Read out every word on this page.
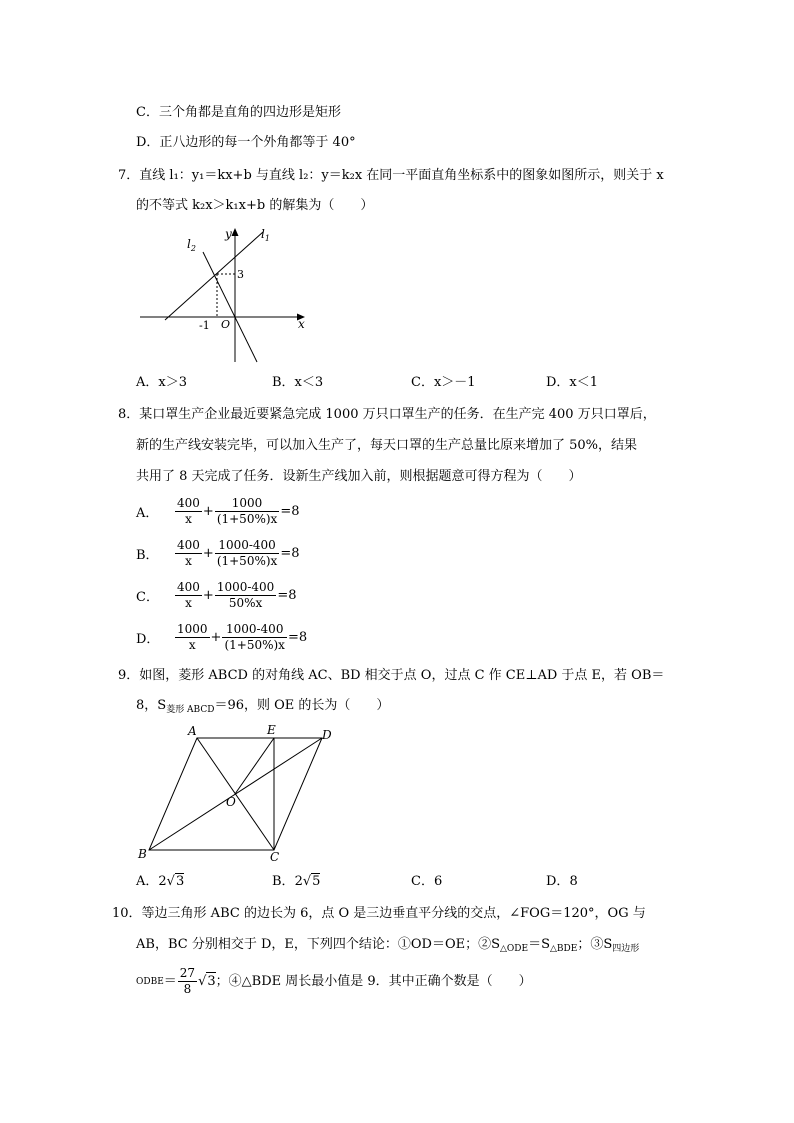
C．三个角都是直角的四边形是矩形
D．正八边形的每一个外角都等于 40°
7．直线 l₁：y₁＝kx+b 与直线 l₂：y＝k₂x 在同一平面直角坐标系中的图象如图所示，则关于 x
的不等式 k₂x＞k₁x+b 的解集为（　　）
$l_2$
$l_1$
y
x
O
-1
3
A．x＞3	B．x＜3	C．x＞－1	D．x＜1
8．某口罩生产企业最近要紧急完成 1000 万只口罩生产的任务．在生产完 400 万只口罩后，
新的生产线安装完毕，可以加入生产了，每天口罩的生产总量比原来增加了 50%，结果
共用了 8 天完成了任务．设新生产线加入前，则根据题意可得方程为（　　）
A．	$\frac{400}{x} + \frac{1000}{(1+50\%)x} =8$
B．	$\frac{400}{x} + \frac{1000-400}{(1+50\%)x} =8$
C．	$\frac{400}{x} + \frac{1000-400}{50\%x} =8$
D．	$\frac{1000}{x} + \frac{1000-400}{(1+50\%)x} =8$
9．如图，菱形 ABCD 的对角线 AC、BD 相交于点 O，过点 C 作 CE⊥AD 于点 E，若 OB＝
8，$S_{菱形 ABCD}=96$，则 OE 的长为（　　）
A	E	D
O
B	C
A．2√3	B．2√5	C．6	D．8
10．等边三角形 ABC 的边长为 6，点 O 是三边垂直平分线的交点，∠FOG＝120°，OG 与
AB，BC 分别相交于 D，E，下列四个结论：①OD＝OE；$②S_{\triangle ODE}=S_{\triangle BDE}$；$③S_{四边形}$
ODBE ＝ $\frac{27}{8}$ √ 3 ；④△BDE 周长最小值是 9．其中正确个数是（　　）
